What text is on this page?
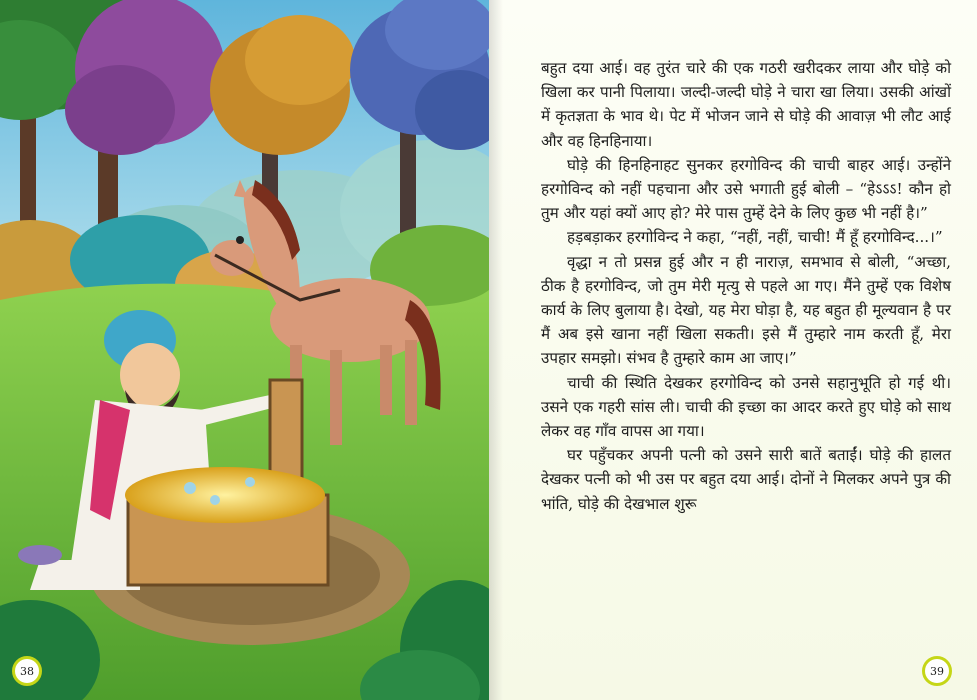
38

बहुत दया आई। वह तुरंत चारे की एक गठरी खरीदकर लाया और घोड़े को खिला कर पानी पिलाया। जल्दी-जल्दी घोड़े ने चारा खा लिया। उसकी आंखों में कृतज्ञता के भाव थे। पेट में भोजन जाने से घोड़े की आवाज़ भी लौट आई और वह हिनहिनाया।

घोड़े की हिनहिनाहट सुनकर हरगोविन्द की चाची बाहर आई। उन्होंने हरगोविन्द को नहीं पहचाना और उसे भगाती हुई बोली – “हेऽऽऽ! कौन हो तुम और यहां क्यों आए हो? मेरे पास तुम्हें देने के लिए कुछ भी नहीं है।”

हड़बड़ाकर हरगोविन्द ने कहा, “नहीं, नहीं, चाची! मैं हूँ हरगोविन्द...।”

वृद्धा न तो प्रसन्न हुई और न ही नाराज़, समभाव से बोली, “अच्छा, ठीक है हरगोविन्द, जो तुम मेरी मृत्यु से पहले आ गए। मैंने तुम्हें एक विशेष कार्य के लिए बुलाया है। देखो, यह मेरा घोड़ा है, यह बहुत ही मूल्यवान है पर मैं अब इसे खाना नहीं खिला सकती। इसे मैं तुम्हारे नाम करती हूँ, मेरा उपहार समझो। संभव है तुम्हारे काम आ जाए।”

चाची की स्थिति देखकर हरगोविन्द को उनसे सहानुभूति हो गई थी। उसने एक गहरी सांस ली। चाची की इच्छा का आदर करते हुए घोड़े को साथ लेकर वह गाँव वापस आ गया।

घर पहुँचकर अपनी पत्नी को उसने सारी बातें बताईं। घोड़े की हालत देखकर पत्नी को भी उस पर बहुत दया आई। दोनों ने मिलकर अपने पुत्र की भांति, घोड़े की देखभाल शुरू

39
